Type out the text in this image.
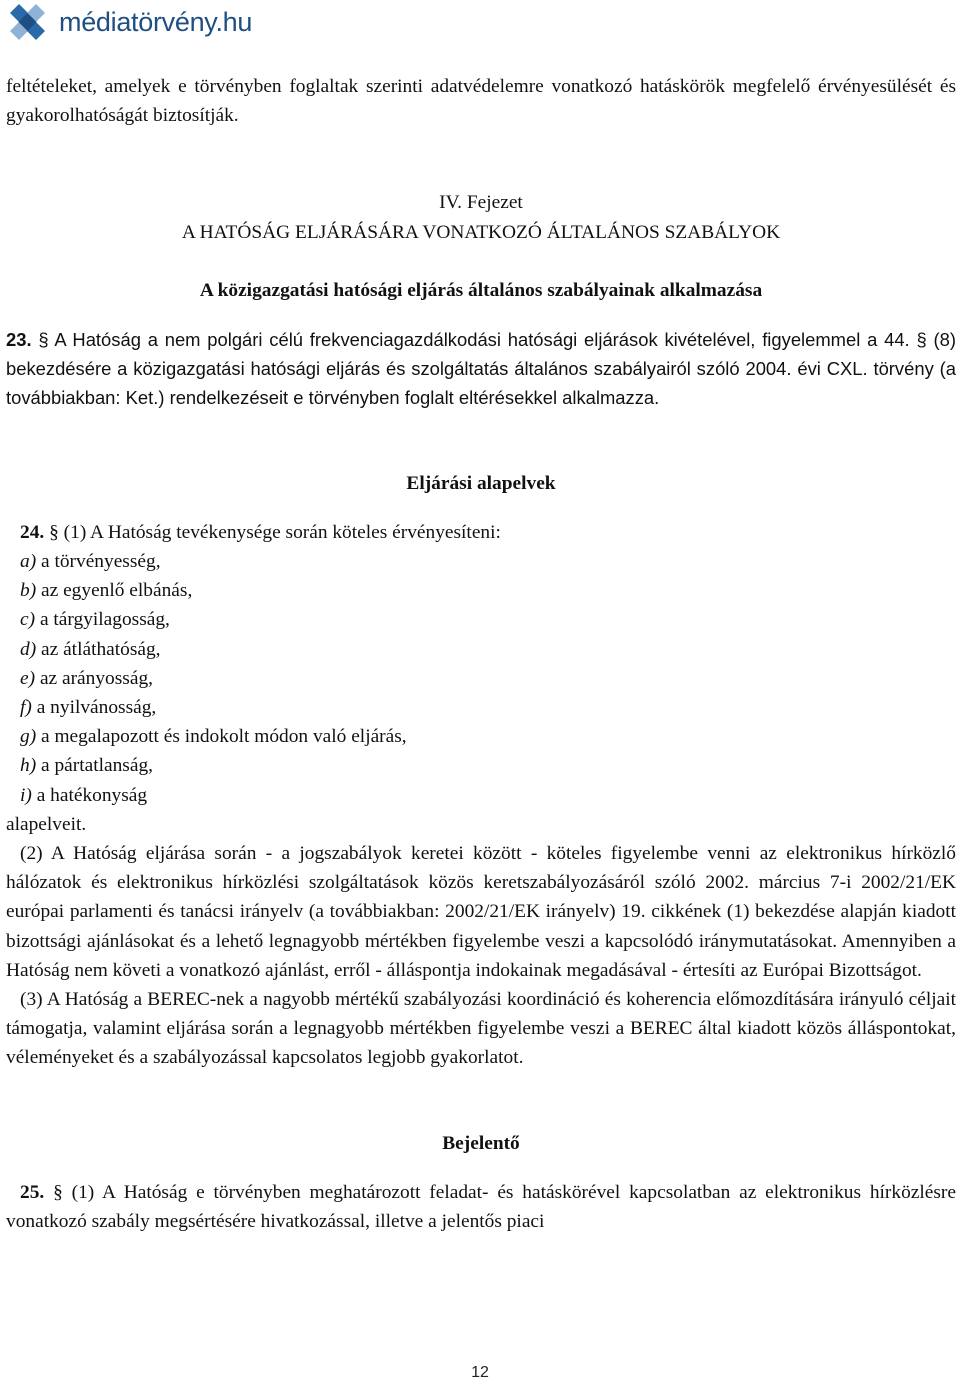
médiatörvény.hu

feltételeket, amelyek e törvényben foglaltak szerinti adatvédelemre vonatkozó hatáskörök megfelelő érvényesülését és gyakorolhatóságát biztosítják.

IV. Fejezet

A HATÓSÁG ELJÁRÁSÁRA VONATKOZÓ ÁLTALÁNOS SZABÁLYOK

A közigazgatási hatósági eljárás általános szabályainak alkalmazása

23. § A Hatóság a nem polgári célú frekvenciagazdálkodási hatósági eljárások kivételével, figyelemmel a 44. § (8) bekezdésére a közigazgatási hatósági eljárás és szolgáltatás általános szabályairól szóló 2004. évi CXL. törvény (a továbbiakban: Ket.) rendelkezéseit e törvényben foglalt eltérésekkel alkalmazza.

Eljárási alapelvek

24. § (1) A Hatóság tevékenysége során köteles érvényesíteni:

a) a törvényesség,

b) az egyenlő elbánás,

c) a tárgyilagosság,

d) az átláthatóság,

e) az arányosság,

f) a nyilvánosság,

g) a megalapozott és indokolt módon való eljárás,

h) a pártatlanság,

i) a hatékonyság

alapelveit.

(2) A Hatóság eljárása során - a jogszabályok keretei között - köteles figyelembe venni az elektronikus hírközlő hálózatok és elektronikus hírközlési szolgáltatások közös keretszabályozásáról szóló 2002. március 7-i 2002/21/EK európai parlamenti és tanácsi irányelv (a továbbiakban: 2002/21/EK irányelv) 19. cikkének (1) bekezdése alapján kiadott bizottsági ajánlásokat és a lehető legnagyobb mértékben figyelembe veszi a kapcsolódó iránymutatásokat. Amennyiben a Hatóság nem követi a vonatkozó ajánlást, erről - álláspontja indokainak megadásával - értesíti az Európai Bizottságot.

(3) A Hatóság a BEREC-nek a nagyobb mértékű szabályozási koordináció és koherencia előmozdítására irányuló céljait támogatja, valamint eljárása során a legnagyobb mértékben figyelembe veszi a BEREC által kiadott közös álláspontokat, véleményeket és a szabályozással kapcsolatos legjobb gyakorlatot.

Bejelentő

25. § (1) A Hatóság e törvényben meghatározott feladat- és hatáskörével kapcsolatban az elektronikus hírközlésre vonatkozó szabály megsértésére hivatkozással, illetve a jelentős piaci

12
